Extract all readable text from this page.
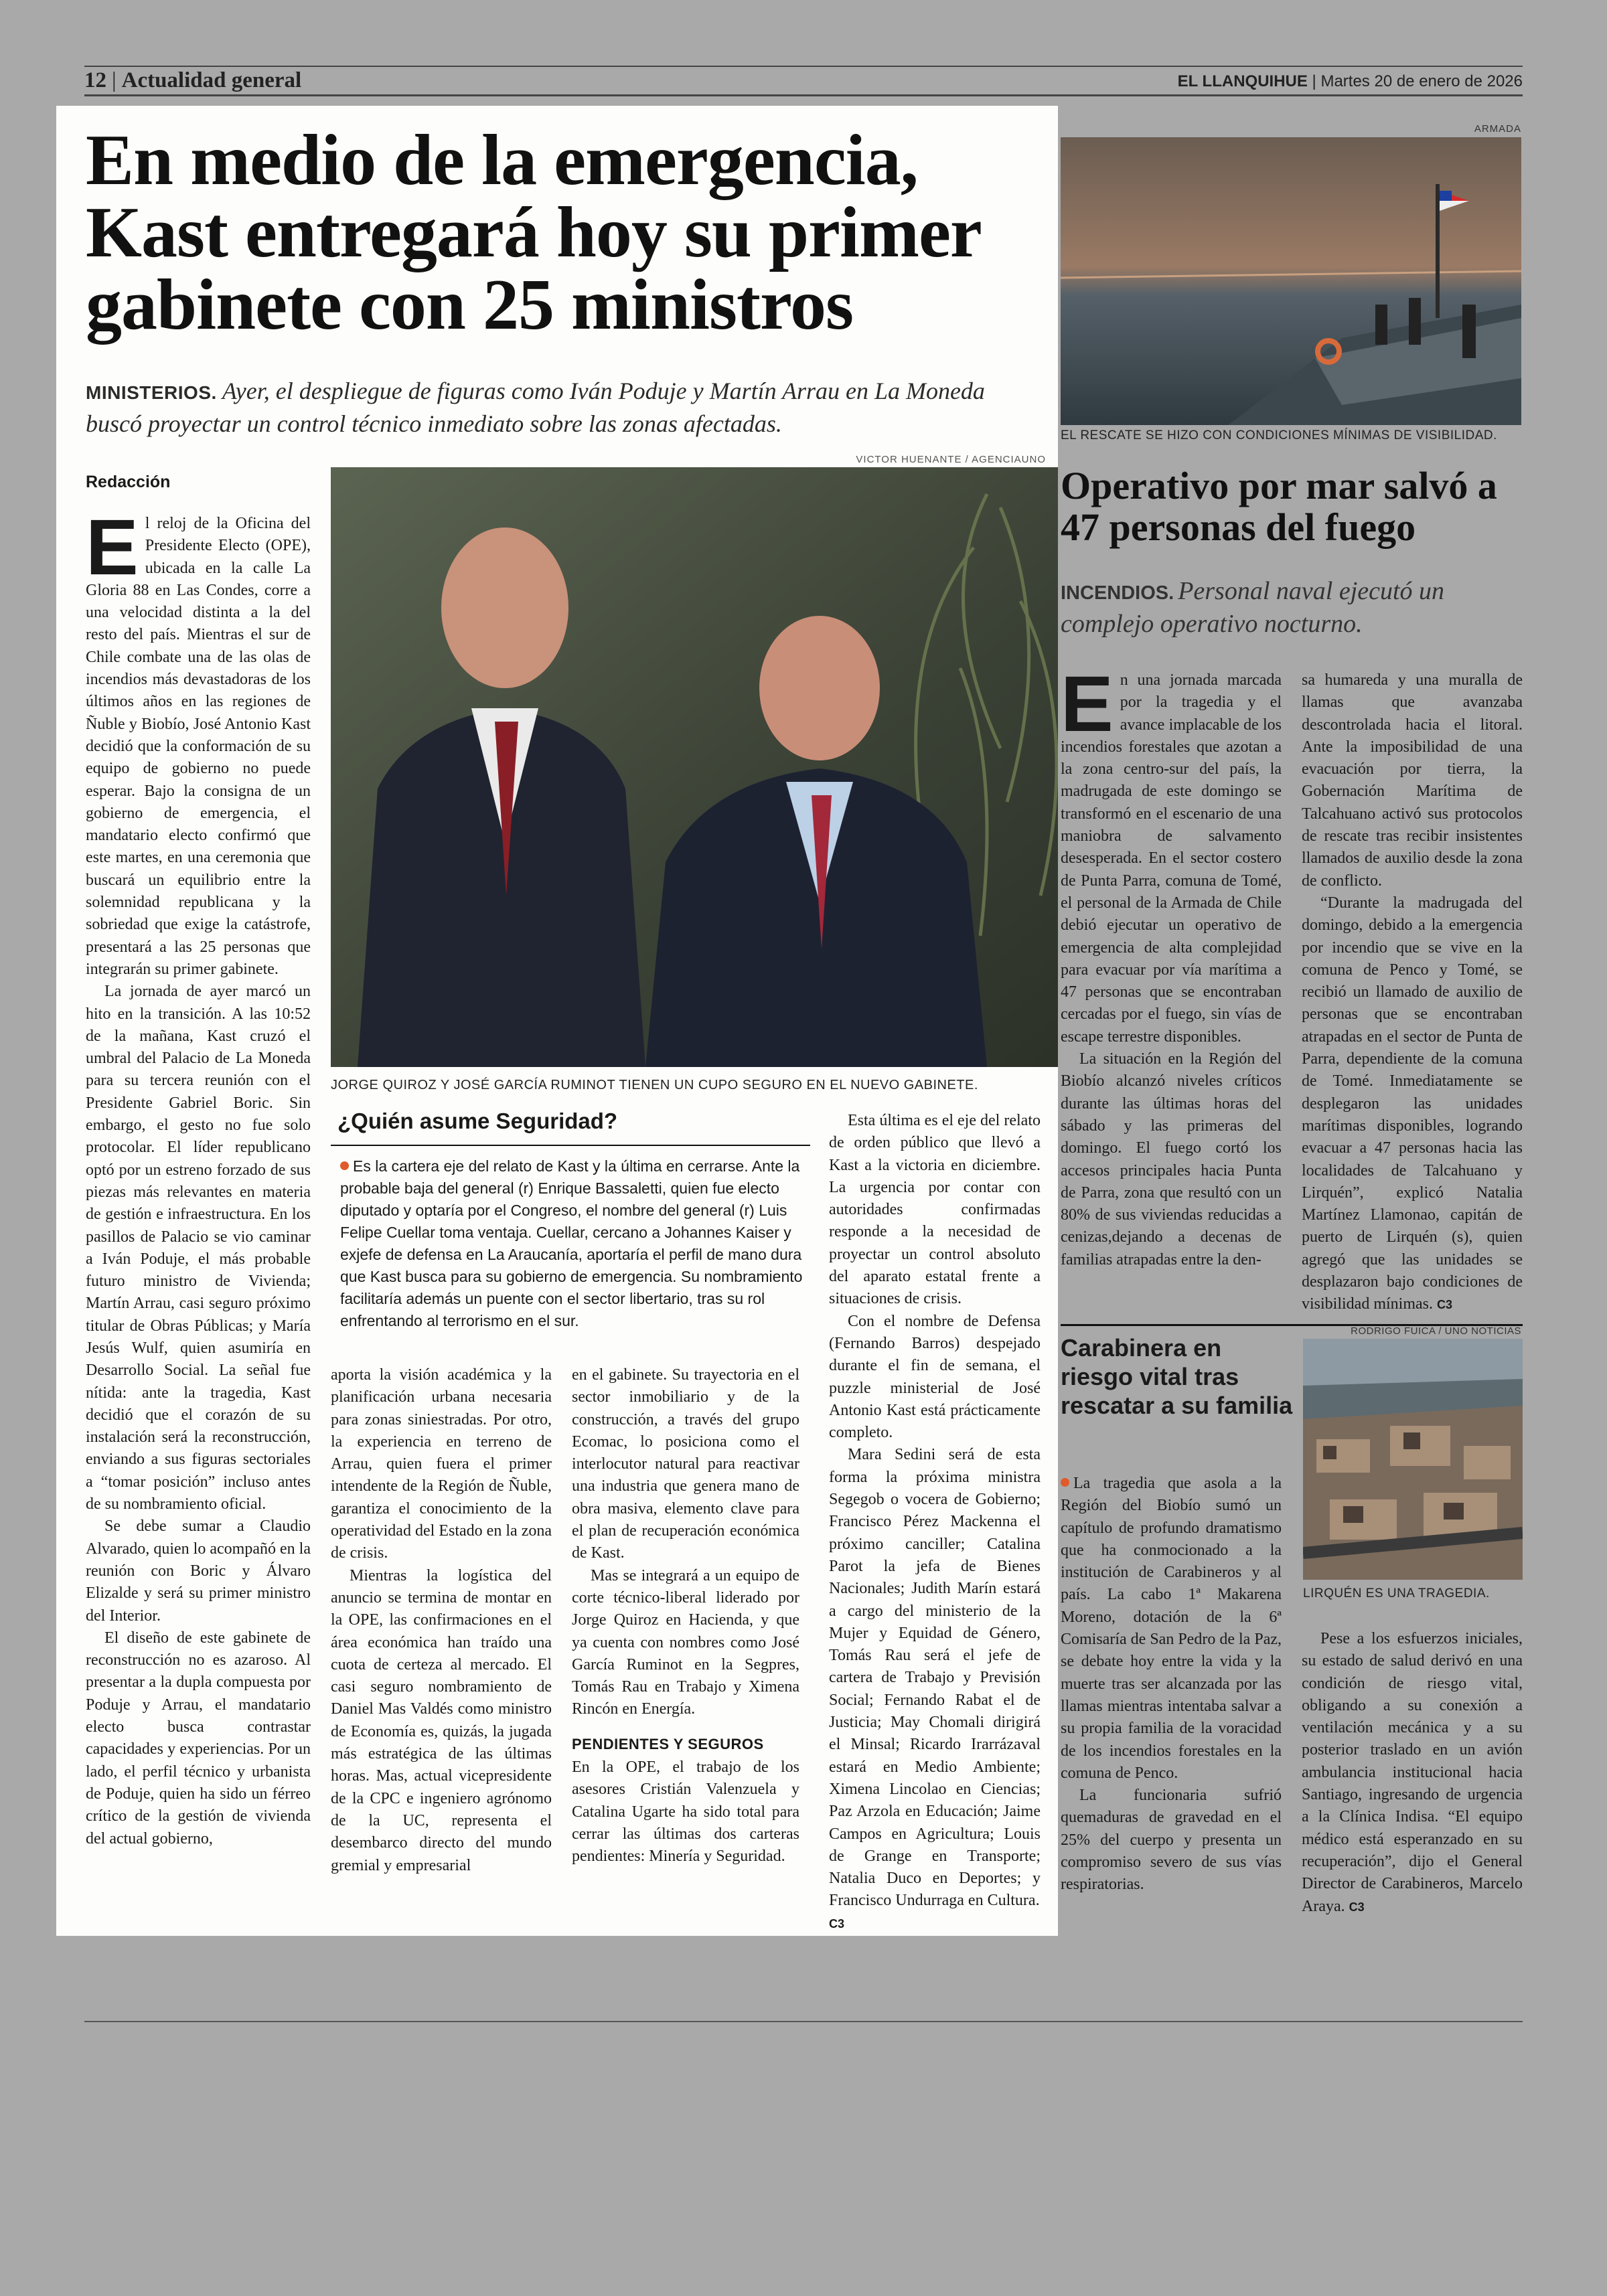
12 | Actualidad general	EL LLANQUIHUE | Martes 20 de enero de 2026
En medio de la emergencia, Kast entregará hoy su primer gabinete con 25 ministros
MINISTERIOS. Ayer, el despliegue de figuras como Iván Poduje y Martín Arrau en La Moneda buscó proyectar un control técnico inmediato sobre las zonas afectadas.
Redacción

El reloj de la Oficina del Presidente Electo (OPE), ubicada en la calle La Gloria 88 en Las Condes, corre a una velocidad distinta a la del resto del país. Mientras el sur de Chile combate una de las olas de incendios más devastadoras de los últimos años en las regiones de Ñuble y Biobío, José Antonio Kast decidió que la conformación de su equipo de gobierno no puede esperar. Bajo la consigna de un gobierno de emergencia, el mandatario electo confirmó que este martes, en una ceremonia que buscará un equilibrio entre la solemnidad republicana y la sobriedad que exige la catástrofe, presentará a las 25 personas que integrarán su primer gabinete.

La jornada de ayer marcó un hito en la transición. A las 10:52 de la mañana, Kast cruzó el umbral del Palacio de La Moneda para su tercera reunión con el Presidente Gabriel Boric. Sin embargo, el gesto no fue solo protocolar. El líder republicano optó por un estreno forzado de sus piezas más relevantes en materia de gestión e infraestructura. En los pasillos de Palacio se vio caminar a Iván Poduje, el más probable futuro ministro de Vivienda; Martín Arrau, casi seguro próximo titular de Obras Públicas; y María Jesús Wulf, quien asumiría en Desarrollo Social. La señal fue nítida: ante la tragedia, Kast decidió que el corazón de su instalación será la reconstrucción, enviando a sus figuras sectoriales a “tomar posición” incluso antes de su nombramiento oficial.

Se debe sumar a Claudio Alvarado, quien lo acompañó en la reunión con Boric y Álvaro Elizalde y será su primer ministro del Interior.

El diseño de este gabinete de reconstrucción no es azaroso. Al presentar a la dupla compuesta por Poduje y Arrau, el mandatario electo busca contrastar capacidades y experiencias. Por un lado, el perfil técnico y urbanista de Poduje, quien ha sido un férreo crítico de la gestión de vivienda del actual gobierno,

VICTOR HUENANTE / AGENCIAUNO
JORGE QUIROZ Y JOSÉ GARCÍA RUMINOT TIENEN UN CUPO SEGURO EN EL NUEVO GABINETE.
¿Quién asume Seguridad?
Es la cartera eje del relato de Kast y la última en cerrarse. Ante la probable baja del general (r) Enrique Bassaletti, quien fue electo diputado y optaría por el Congreso, el nombre del general (r) Luis Felipe Cuellar toma ventaja. Cuellar, cercano a Johannes Kaiser y exjefe de defensa en La Araucanía, aportaría el perfil de mano dura que Kast busca para su gobierno de emergencia. Su nombramiento facilitaría además un puente con el sector libertario, tras su rol enfrentando al terrorismo en el sur.

Esta última es el eje del relato de orden público que llevó a Kast a la victoria en diciembre. La urgencia por contar con autoridades confirmadas responde a la necesidad de proyectar un control absoluto del aparato estatal frente a situaciones de crisis.

Con el nombre de Defensa (Fernando Barros) despejado durante el fin de semana, el puzzle ministerial de José Antonio Kast está prácticamente completo.

Mara Sedini será de esta forma la próxima ministra Segegob o vocera de Gobierno; Francisco Pérez Mackenna el próximo canciller; Catalina Parot la jefa de Bienes Nacionales; Judith Marín estará a cargo del ministerio de la Mujer y Equidad de Género, Tomás Rau será el jefe de cartera de Trabajo y Previsión Social; Fernando Rabat el de Justicia; May Chomali dirigirá el Minsal; Ricardo Irarrázaval estará en Medio Ambiente; Ximena Lincolao en Ciencias; Paz Arzola en Educación; Jaime Campos en Agricultura; Louis de Grange en Transporte; Natalia Duco en Deportes; y Francisco Undurraga en Cultura.

C3

aporta la visión académica y la planificación urbana necesaria para zonas siniestradas. Por otro, la experiencia en terreno de Arrau, quien fuera el primer intendente de la Región de Ñuble, garantiza el conocimiento de la operatividad del Estado en la zona de crisis.

Mientras la logística del anuncio se termina de montar en la OPE, las confirmaciones en el área económica han traído una cuota de certeza al mercado. El casi seguro nombramiento de Daniel Mas Valdés como ministro de Economía es, quizás, la jugada más estratégica de las últimas horas. Mas, actual vicepresidente de la CPC e ingeniero agrónomo de la UC, representa el desembarco directo del mundo gremial y empresarial

en el gabinete. Su trayectoria en el sector inmobiliario y de la construcción, a través del grupo Ecomac, lo posiciona como el interlocutor natural para reactivar una industria que genera mano de obra masiva, elemento clave para el plan de recuperación económica de Kast.

Mas se integrará a un equipo de corte técnico-liberal liderado por Jorge Quiroz en Hacienda, y que ya cuenta con nombres como José García Ruminot en la Segpres, Tomás Rau en Trabajo y Ximena Rincón en Energía.

PENDIENTES Y SEGUROS

En la OPE, el trabajo de los asesores Cristián Valenzuela y Catalina Ugarte ha sido total para cerrar las últimas dos carteras pendientes: Minería y Seguridad.

ARMADA
EL RESCATE SE HIZO CON CONDICIONES MÍNIMAS DE VISIBILIDAD.
Operativo por mar salvó a 47 personas del fuego
INCENDIOS. Personal naval ejecutó un complejo operativo nocturno.

En una jornada marcada por la tragedia y el avance implacable de los incendios forestales que azotan a la zona centro-sur del país, la madrugada de este domingo se transformó en el escenario de una maniobra de salvamento desesperada. En el sector costero de Punta Parra, comuna de Tomé, el personal de la Armada de Chile debió ejecutar un operativo de emergencia de alta complejidad para evacuar por vía marítima a 47 personas que se encontraban cercadas por el fuego, sin vías de escape terrestre disponibles.

La situación en la Región del Biobío alcanzó niveles críticos durante las últimas horas del sábado y las primeras del domingo. El fuego cortó los accesos principales hacia Punta de Parra, zona que resultó con un 80% de sus viviendas reducidas a cenizas,dejando a decenas de familias atrapadas entre la den-

sa humareda y una muralla de llamas que avanzaba descontrolada hacia el litoral. Ante la imposibilidad de una evacuación por tierra, la Gobernación Marítima de Talcahuano activó sus protocolos de rescate tras recibir insistentes llamados de auxilio desde la zona de conflicto.

“Durante la madrugada del domingo, debido a la emergencia por incendio que se vive en la comuna de Penco y Tomé, se recibió un llamado de auxilio de personas que se encontraban atrapadas en el sector de Punta de Parra, dependiente de la comuna de Tomé. Inmediatamente se desplegaron las unidades marítimas disponibles, logrando evacuar a 47 personas hacia las localidades de Talcahuano y Lirquén”, explicó Natalia Martínez Llamonao, capitán de puerto de Lirquén (s), quien agregó que las unidades se desplazaron bajo condiciones de visibilidad mínimas. C3

Carabinera en riesgo vital tras rescatar a su familia
RODRIGO FUICA / UNO NOTICIAS
LIRQUÉN ES UNA TRAGEDIA.

La tragedia que asola a la Región del Biobío sumó un capítulo de profundo dramatismo que ha conmocionado a la institución de Carabineros y al país. La cabo 1ª Makarena Moreno, dotación de la 6ª Comisaría de San Pedro de la Paz, se debate hoy entre la vida y la muerte tras ser alcanzada por las llamas mientras intentaba salvar a su propia familia de la voracidad de los incendios forestales en la comuna de Penco.

La funcionaria sufrió quemaduras de gravedad en el 25% del cuerpo y presenta un compromiso severo de sus vías respiratorias.

Pese a los esfuerzos iniciales, su estado de salud derivó en una condición de riesgo vital, obligando a su conexión a ventilación mecánica y a su posterior traslado en un avión ambulancia institucional hacia Santiago, ingresando de urgencia a la Clínica Indisa. “El equipo médico está esperanzado en su recuperación”, dijo el General Director de Carabineros, Marcelo Araya. C3
